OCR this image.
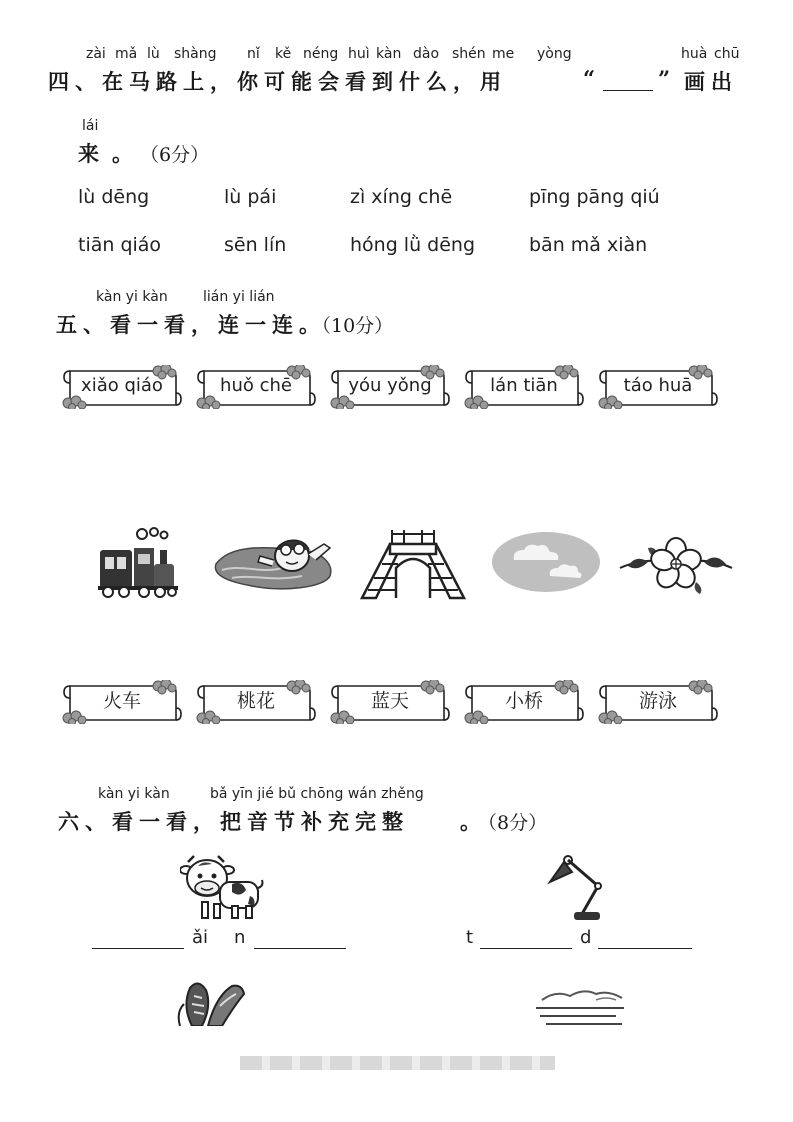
zài mǎ lù shàng nǐ kě néng huì kàn dào shén me yòng	huà chū
四、在马路上，你可能会看到什么，用	“	” 画出
lái
来 。 （6分）
lù dēng	lù pái	zì xíng chē	pīng pāng qiú
tiān qiáo	sēn lín	hóng lǜ dēng	bān mǎ xiàn
kàn yi kàn	lián yi lián
五、看一看，连一连。
（10分）
xiǎo qiáo	huǒ chē	yóu yǒng	lán tiān	táo huā
火车	桃花	蓝天	小桥	游泳
kàn yi kàn	bǎ yīn jié bǔ chōng wán zhěng
六、看一看，把音节补充完整 。
（8分）
ǎi n	t	d
